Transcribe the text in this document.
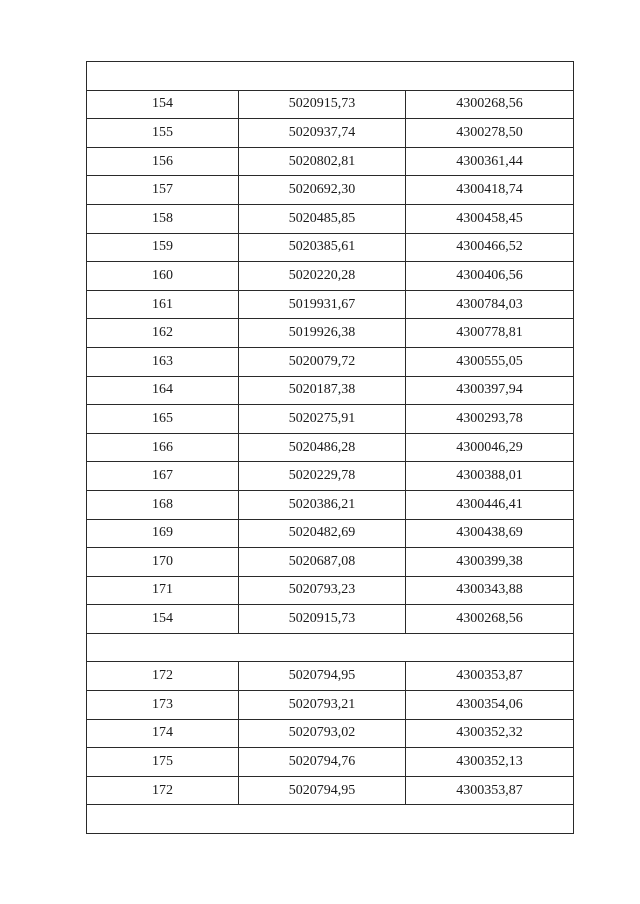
154	5020915,73	4300268,56
155	5020937,74	4300278,50
156	5020802,81	4300361,44
157	5020692,30	4300418,74
158	5020485,85	4300458,45
159	5020385,61	4300466,52
160	5020220,28	4300406,56
161	5019931,67	4300784,03
162	5019926,38	4300778,81
163	5020079,72	4300555,05
164	5020187,38	4300397,94
165	5020275,91	4300293,78
166	5020486,28	4300046,29
167	5020229,78	4300388,01
168	5020386,21	4300446,41
169	5020482,69	4300438,69
170	5020687,08	4300399,38
171	5020793,23	4300343,88
154	5020915,73	4300268,56

172	5020794,95	4300353,87
173	5020793,21	4300354,06
174	5020793,02	4300352,32
175	5020794,76	4300352,13
172	5020794,95	4300353,87
